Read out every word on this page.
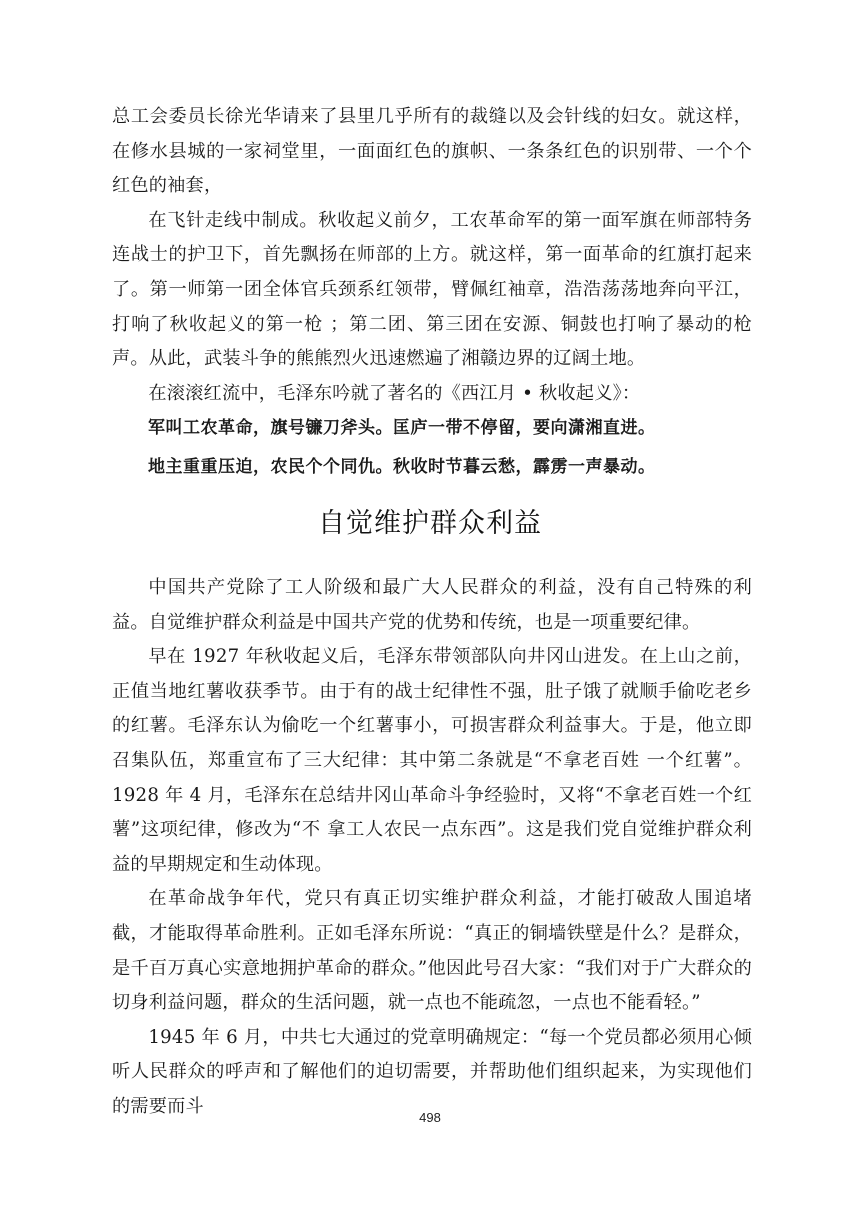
总工会委员长徐光华请来了县里几乎所有的裁缝以及会针线的妇女。就这样，在修水县城的一家祠堂里，一面面红色的旗帜、一条条红色的识别带、一个个红色的袖套，

在飞针走线中制成。秋收起义前夕，工农革命军的第一面军旗在师部特务连战士的护卫下，首先飘扬在师部的上方。就这样，第一面革命的红旗打起来了。第一师第一团全体官兵颈系红领带，臂佩红袖章，浩浩荡荡地奔向平江，打响了秋收起义的第一枪 ；第二团、第三团在安源、铜鼓也打响了暴动的枪声。从此，武装斗争的熊熊烈火迅速燃遍了湘赣边界的辽阔土地。

在滚滚红流中，毛泽东吟就了著名的《西江月 • 秋收起义》：

军叫工农革命，旗号镰刀斧头。匡庐一带不停留，要向潇湘直进。

地主重重压迫，农民个个同仇。秋收时节暮云愁，霹雳一声暴动。

自觉维护群众利益

中国共产党除了工人阶级和最广大人民群众的利益，没有自己特殊的利益。自觉维护群众利益是中国共产党的优势和传统，也是一项重要纪律。

早在 1927 年秋收起义后，毛泽东带领部队向井冈山进发。在上山之前，正值当地红薯收获季节。由于有的战士纪律性不强，肚子饿了就顺手偷吃老乡的红薯。毛泽东认为偷吃一个红薯事小，可损害群众利益事大。于是，他立即召集队伍，郑重宣布了三大纪律：其中第二条就是“不拿老百姓 一个红薯”。1928 年 4 月，毛泽东在总结井冈山革命斗争经验时，又将“不拿老百姓一个红薯”这项纪律，修改为“不 拿工人农民一点东西”。这是我们党自觉维护群众利益的早期规定和生动体现。

在革命战争年代，党只有真正切实维护群众利益，才能打破敌人围追堵截，才能取得革命胜利。正如毛泽东所说：“真正的铜墙铁壁是什么？是群众，是千百万真心实意地拥护革命的群众。”他因此号召大家：“我们对于广大群众的切身利益问题，群众的生活问题，就一点也不能疏忽，一点也不能看轻。”

1945 年 6 月，中共七大通过的党章明确规定：“每一个党员都必须用心倾听人民群众的呼声和了解他们的迫切需要，并帮助他们组织起来，为实现他们的需要而斗

498
